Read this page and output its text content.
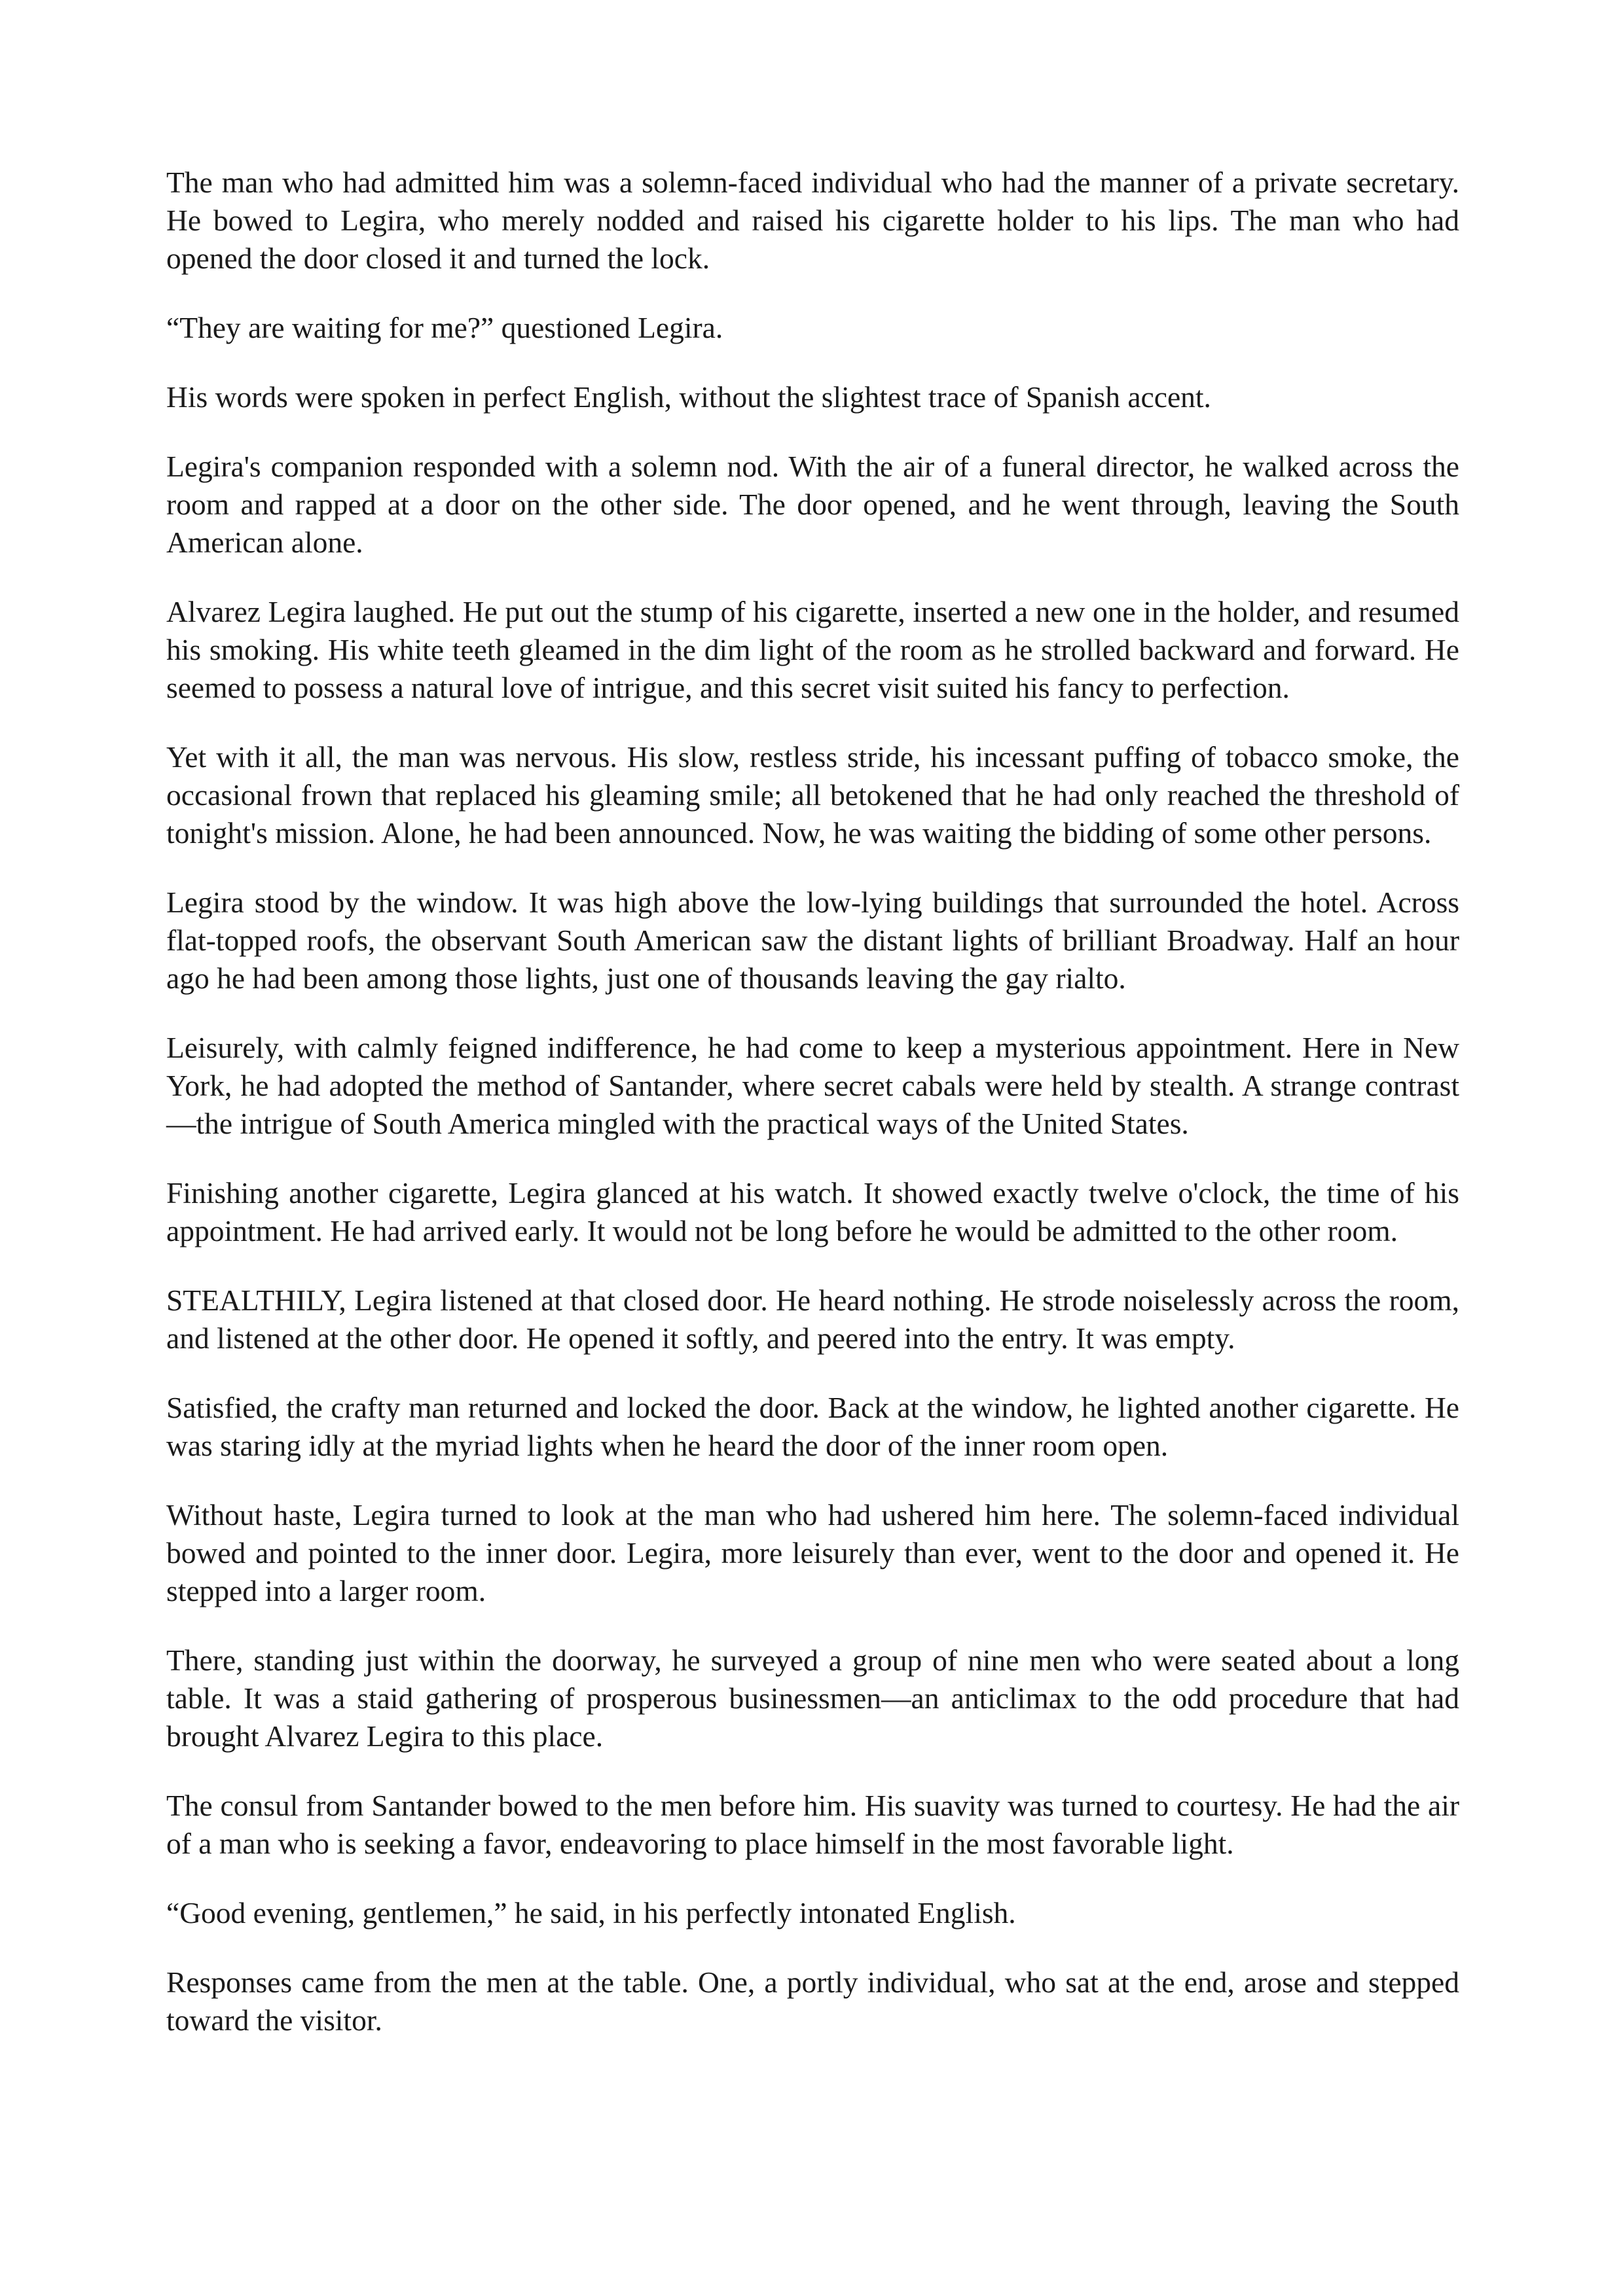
The man who had admitted him was a solemn-faced individual who had the manner of a private secretary. He bowed to Legira, who merely nodded and raised his cigarette holder to his lips. The man who had opened the door closed it and turned the lock.

“They are waiting for me?” questioned Legira.

His words were spoken in perfect English, without the slightest trace of Spanish accent.

Legira's companion responded with a solemn nod. With the air of a funeral director, he walked across the room and rapped at a door on the other side. The door opened, and he went through, leaving the South American alone.

Alvarez Legira laughed. He put out the stump of his cigarette, inserted a new one in the holder, and resumed his smoking. His white teeth gleamed in the dim light of the room as he strolled backward and forward. He seemed to possess a natural love of intrigue, and this secret visit suited his fancy to perfection.

Yet with it all, the man was nervous. His slow, restless stride, his incessant puffing of tobacco smoke, the occasional frown that replaced his gleaming smile; all betokened that he had only reached the threshold of tonight's mission. Alone, he had been announced. Now, he was waiting the bidding of some other persons.

Legira stood by the window. It was high above the low-lying buildings that surrounded the hotel. Across flat-topped roofs, the observant South American saw the distant lights of brilliant Broadway. Half an hour ago he had been among those lights, just one of thousands leaving the gay rialto.

Leisurely, with calmly feigned indifference, he had come to keep a mysterious appointment. Here in New York, he had adopted the method of Santander, where secret cabals were held by stealth. A strange contrast—the intrigue of South America mingled with the practical ways of the United States.

Finishing another cigarette, Legira glanced at his watch. It showed exactly twelve o'clock, the time of his appointment. He had arrived early. It would not be long before he would be admitted to the other room.

STEALTHILY, Legira listened at that closed door. He heard nothing. He strode noiselessly across the room, and listened at the other door. He opened it softly, and peered into the entry. It was empty.

Satisfied, the crafty man returned and locked the door. Back at the window, he lighted another cigarette. He was staring idly at the myriad lights when he heard the door of the inner room open.

Without haste, Legira turned to look at the man who had ushered him here. The solemn-faced individual bowed and pointed to the inner door. Legira, more leisurely than ever, went to the door and opened it. He stepped into a larger room.

There, standing just within the doorway, he surveyed a group of nine men who were seated about a long table. It was a staid gathering of prosperous businessmen—an anticlimax to the odd procedure that had brought Alvarez Legira to this place.

The consul from Santander bowed to the men before him. His suavity was turned to courtesy. He had the air of a man who is seeking a favor, endeavoring to place himself in the most favorable light.

“Good evening, gentlemen,” he said, in his perfectly intonated English.

Responses came from the men at the table. One, a portly individual, who sat at the end, arose and stepped toward the visitor.
